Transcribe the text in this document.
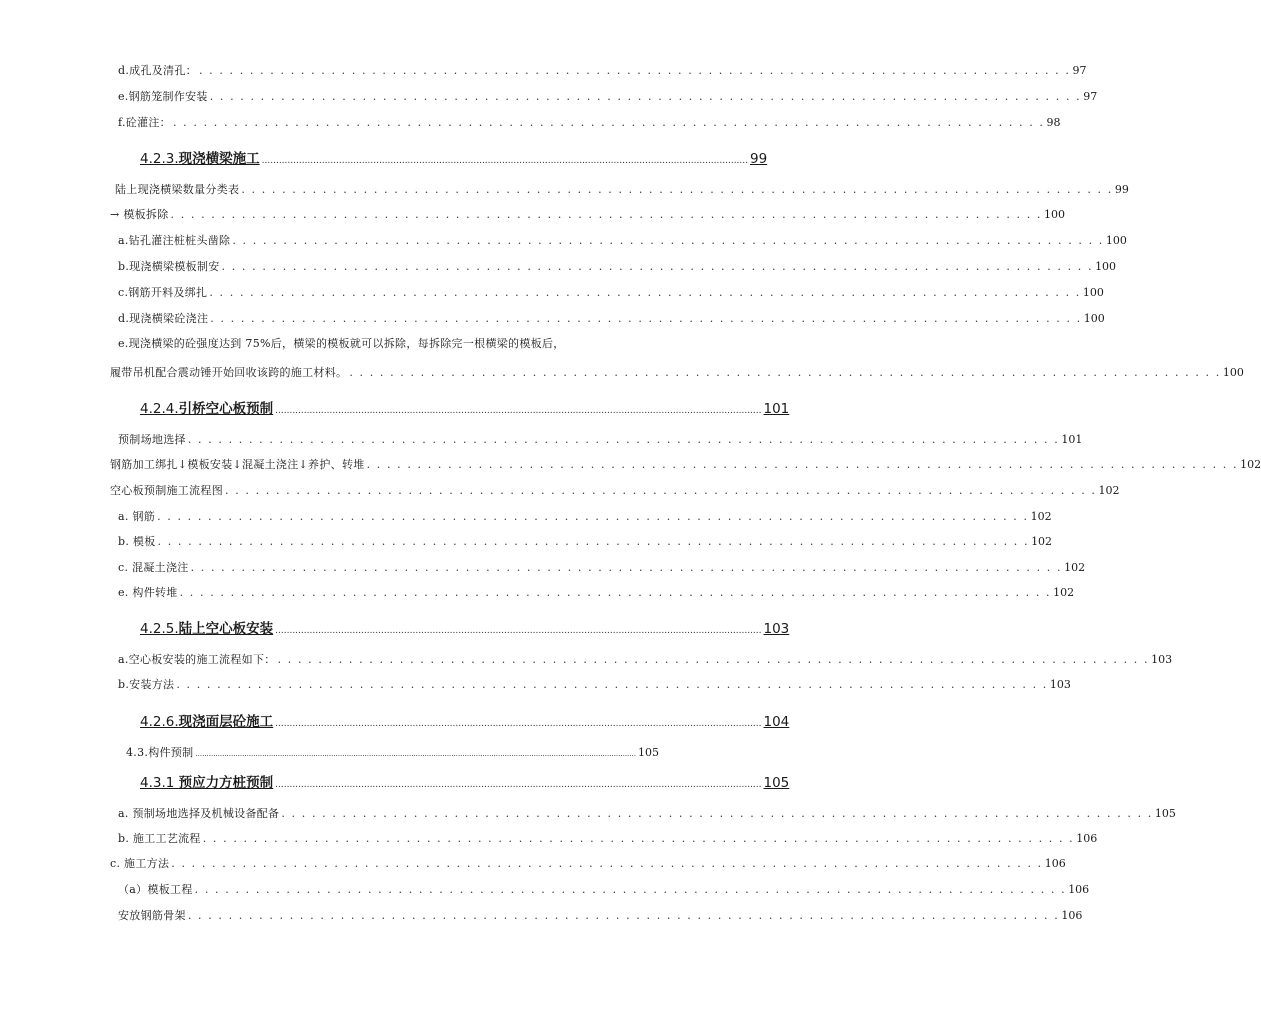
d.成孔及清孔： . . . . . . . . . . . . . . . . . . . . . . . . . . . . . . . . . . . . . . . . . . . . . . . . . . . . . . . . . . . . . . . . . . . . . . . . . . . . . . . . . . . . . . 97
e.钢筋笼制作安装 . . . . . . . . . . . . . . . . . . . . . . . . . . . . . . . . . . . . . . . . . . . . . . . . . . . . . . . . . . . . . . . . . . . . . . . . . . . . . . . . . . . . . . 97
f.砼灌注： . . . . . . . . . . . . . . . . . . . . . . . . . . . . . . . . . . . . . . . . . . . . . . . . . . . . . . . . . . . . . . . . . . . . . . . . . . . . . . . . . . . . . . 98
4.2.3.现浇横梁施工 .......................................................................................................................................................................... 99
陆上现浇横梁数量分类表 . . . . . . . . . . . . . . . . . . . . . . . . . . . . . . . . . . . . . . . . . . . . . . . . . . . . . . . . . . . . . . . . . . . . . . . . . . . . . . . . . . . . . . 99
→ 模板拆除 . . . . . . . . . . . . . . . . . . . . . . . . . . . . . . . . . . . . . . . . . . . . . . . . . . . . . . . . . . . . . . . . . . . . . . . . . . . . . . . . . . . . . . 100
a.钻孔灌注桩桩头凿除 . . . . . . . . . . . . . . . . . . . . . . . . . . . . . . . . . . . . . . . . . . . . . . . . . . . . . . . . . . . . . . . . . . . . . . . . . . . . . . . . . . . . . . 100
b.现浇横梁模板制安 . . . . . . . . . . . . . . . . . . . . . . . . . . . . . . . . . . . . . . . . . . . . . . . . . . . . . . . . . . . . . . . . . . . . . . . . . . . . . . . . . . . . . . 100
c.钢筋开料及绑扎 . . . . . . . . . . . . . . . . . . . . . . . . . . . . . . . . . . . . . . . . . . . . . . . . . . . . . . . . . . . . . . . . . . . . . . . . . . . . . . . . . . . . . . 100
d.现浇横梁砼浇注 . . . . . . . . . . . . . . . . . . . . . . . . . . . . . . . . . . . . . . . . . . . . . . . . . . . . . . . . . . . . . . . . . . . . . . . . . . . . . . . . . . . . . . 100
e.现浇横梁的砼强度达到 75%后，横梁的模板就可以拆除，每拆除完一根横梁的模板后，
履带吊机配合震动锤开始回收该跨的施工材料。 . . . . . . . . . . . . . . . . . . . . . . . . . . . . . . . . . . . . . . . . . . . . . . . . . . . . . . . . . . . . . . . . . . . . . . . . . . . . . . . . . . . . . . 100
4.2.4.引桥空心板预制 .......................................................................................................................................................................... 101
预制场地选择 . . . . . . . . . . . . . . . . . . . . . . . . . . . . . . . . . . . . . . . . . . . . . . . . . . . . . . . . . . . . . . . . . . . . . . . . . . . . . . . . . . . . . . 101
钢筋加工绑扎↓模板安装↓混凝土浇注↓养护、转堆 . . . . . . . . . . . . . . . . . . . . . . . . . . . . . . . . . . . . . . . . . . . . . . . . . . . . . . . . . . . . . . . . . . . . . . . . . . . . . . . . . . . . . . 102
空心板预制施工流程图 . . . . . . . . . . . . . . . . . . . . . . . . . . . . . . . . . . . . . . . . . . . . . . . . . . . . . . . . . . . . . . . . . . . . . . . . . . . . . . . . . . . . . . 102
a. 钢筋 . . . . . . . . . . . . . . . . . . . . . . . . . . . . . . . . . . . . . . . . . . . . . . . . . . . . . . . . . . . . . . . . . . . . . . . . . . . . . . . . . . . . . . 102
b. 模板 . . . . . . . . . . . . . . . . . . . . . . . . . . . . . . . . . . . . . . . . . . . . . . . . . . . . . . . . . . . . . . . . . . . . . . . . . . . . . . . . . . . . . . 102
c. 混凝土浇注 . . . . . . . . . . . . . . . . . . . . . . . . . . . . . . . . . . . . . . . . . . . . . . . . . . . . . . . . . . . . . . . . . . . . . . . . . . . . . . . . . . . . . . 102
e. 构件转堆 . . . . . . . . . . . . . . . . . . . . . . . . . . . . . . . . . . . . . . . . . . . . . . . . . . . . . . . . . . . . . . . . . . . . . . . . . . . . . . . . . . . . . . 102
4.2.5.陆上空心板安装 .......................................................................................................................................................................... 103
a.空心板安装的施工流程如下： . . . . . . . . . . . . . . . . . . . . . . . . . . . . . . . . . . . . . . . . . . . . . . . . . . . . . . . . . . . . . . . . . . . . . . . . . . . . . . . . . . . . . . 103
b.安装方法 . . . . . . . . . . . . . . . . . . . . . . . . . . . . . . . . . . . . . . . . . . . . . . . . . . . . . . . . . . . . . . . . . . . . . . . . . . . . . . . . . . . . . . 103
4.2.6.现浇面层砼施工 .......................................................................................................................................................................... 104
4.3.构件预制 ...................................................................................................................................................................................................... 105
4.3.1 预应力方桩预制 .......................................................................................................................................................................... 105
a. 预制场地选择及机械设备配备 . . . . . . . . . . . . . . . . . . . . . . . . . . . . . . . . . . . . . . . . . . . . . . . . . . . . . . . . . . . . . . . . . . . . . . . . . . . . . . . . . . . . . . 105
b. 施工工艺流程 . . . . . . . . . . . . . . . . . . . . . . . . . . . . . . . . . . . . . . . . . . . . . . . . . . . . . . . . . . . . . . . . . . . . . . . . . . . . . . . . . . . . . . 106
c. 施工方法 . . . . . . . . . . . . . . . . . . . . . . . . . . . . . . . . . . . . . . . . . . . . . . . . . . . . . . . . . . . . . . . . . . . . . . . . . . . . . . . . . . . . . . 106
（a）模板工程 . . . . . . . . . . . . . . . . . . . . . . . . . . . . . . . . . . . . . . . . . . . . . . . . . . . . . . . . . . . . . . . . . . . . . . . . . . . . . . . . . . . . . . 106
安放钢筋骨架 . . . . . . . . . . . . . . . . . . . . . . . . . . . . . . . . . . . . . . . . . . . . . . . . . . . . . . . . . . . . . . . . . . . . . . . . . . . . . . . . . . . . . . 106
